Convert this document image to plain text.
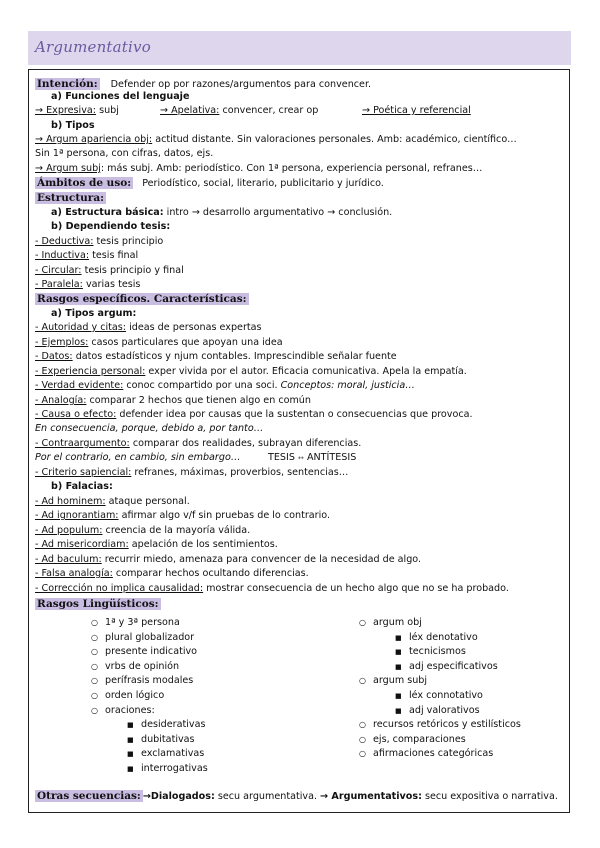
Argumentativo
Intención: Defender op por razones/argumentos para convencer.
a) Funciones del lenguaje
→ Expresiva: subj	→ Apelativa: convencer, crear op	→ Poética y referencial
b) Tipos
→ Argum apariencia obj: actitud distante. Sin valoraciones personales. Amb: académico, científico…
Sin 1ª persona, con cifras, datos, ejs.
→ Argum subj: más subj. Amb: periodístico. Con 1ª persona, experiencia personal, refranes…
Ámbitos de uso: Periodístico, social, literario, publicitario y jurídico.
Estructura:
a) Estructura básica: intro → desarrollo argumentativo → conclusión.
b) Dependiendo tesis:
- Deductiva: tesis principio
- Inductiva: tesis final
- Circular: tesis principio y final
- Paralela: varias tesis
Rasgos específicos. Características:
a) Tipos argum:
- Autoridad y citas: ideas de personas expertas
- Ejemplos: casos particulares que apoyan una idea
- Datos: datos estadísticos y njum contables. Imprescindible señalar fuente
- Experiencia personal: exper vivida por el autor. Eficacia comunicativa. Apela la empatía.
- Verdad evidente: conoc compartido por una soci. Conceptos: moral, justicia…
- Analogía: comparar 2 hechos que tienen algo en común
- Causa o efecto: defender idea por causas que la sustentan o consecuencias que provoca.
En consecuencia, porque, debido a, por tanto…
- Contraargumento: comparar dos realidades, subrayan diferencias.
Por el contrario, en cambio, sin embargo…	TESIS ↔ ANTÍTESIS
- Criterio sapiencial: refranes, máximas, proverbios, sentencias…
b) Falacias:
- Ad hominem: ataque personal.
- Ad ignorantiam: afirmar algo v/f sin pruebas de lo contrario.
- Ad populum: creencia de la mayoría válida.
- Ad misericordiam: apelación de los sentimientos.
- Ad baculum: recurrir miedo, amenaza para convencer de la necesidad de algo.
- Falsa analogía: comparar hechos ocultando diferencias.
- Corrección no implica causalidad: mostrar consecuencia de un hecho algo que no se ha probado.
Rasgos Lingüísticos:
○ 1ª y 3ª persona
○ plural globalizador
○ presente indicativo
○ vrbs de opinión
○ perífrasis modales
○ orden lógico
○ oraciones:
■ desiderativas
■ dubitativas
■ exclamativas
■ interrogativas
○ argum obj
■ léx denotativo
■ tecnicismos
■ adj especificativos
○ argum subj
■ léx connotativo
■ adj valorativos
○ recursos retóricos y estilísticos
○ ejs, comparaciones
○ afirmaciones categóricas
Otras secuencias: →Dialogados: secu argumentativa. → Argumentativos: secu expositiva o narrativa.
